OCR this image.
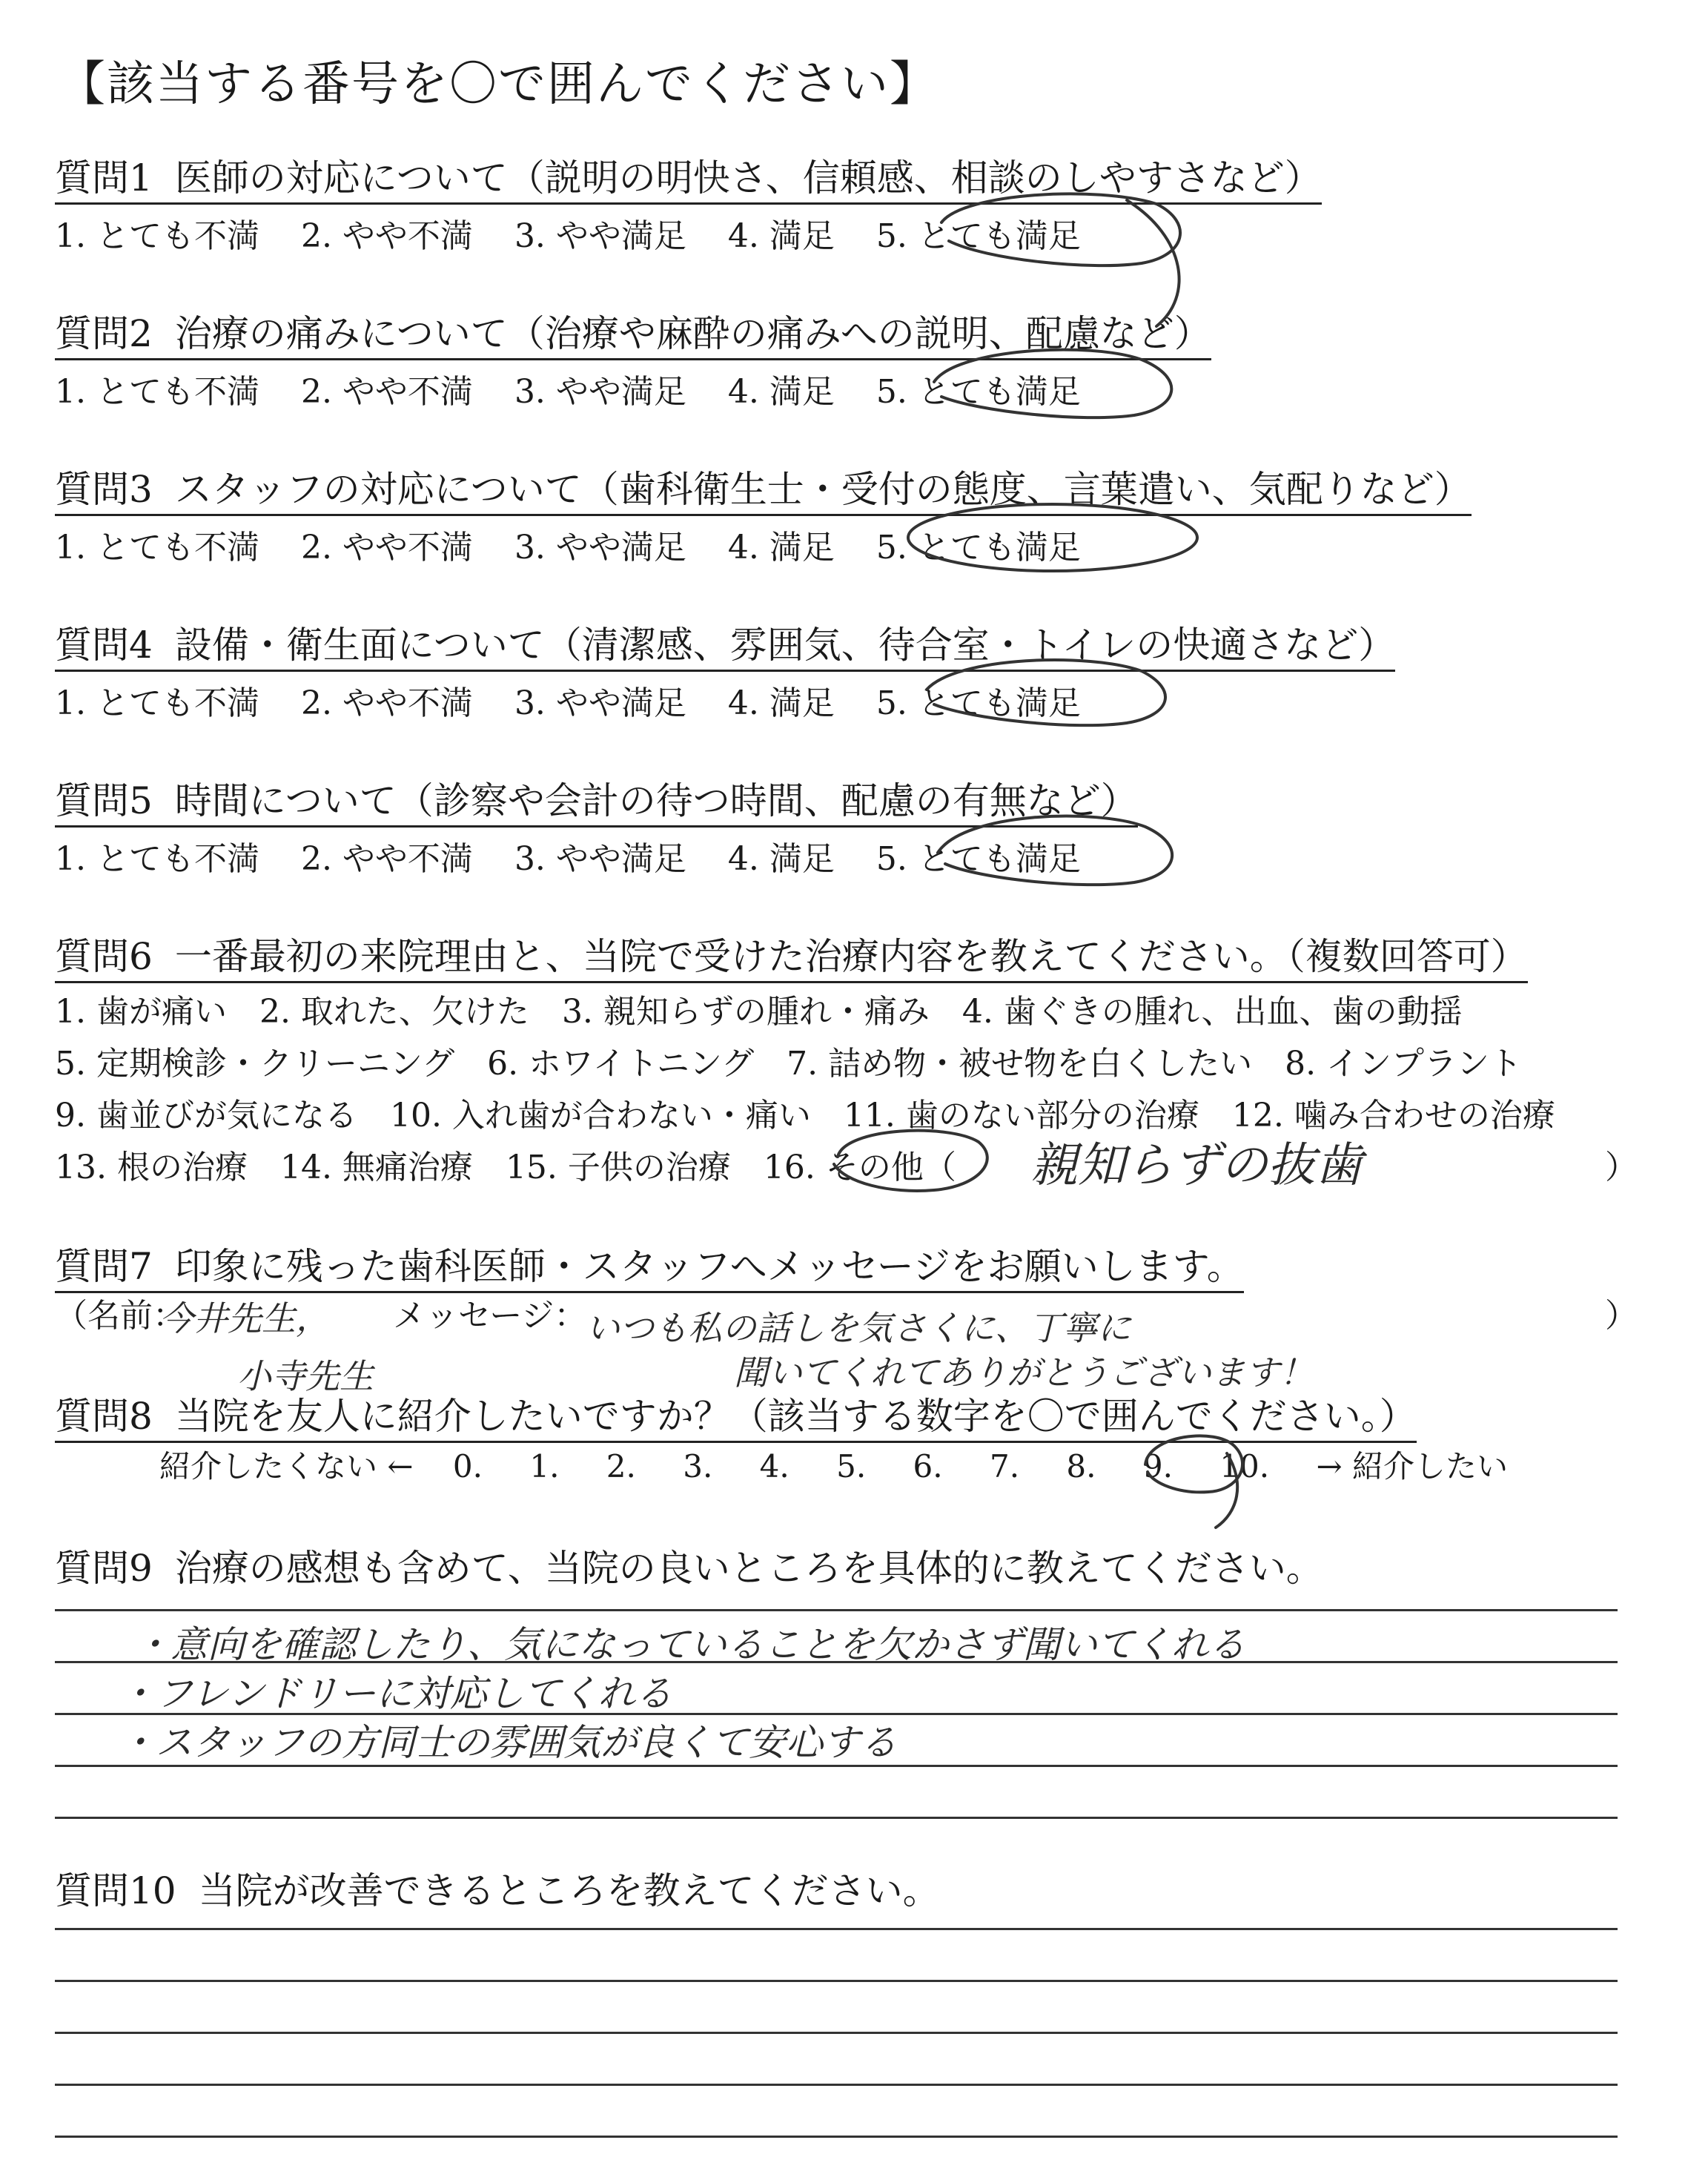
【該当する番号を〇で囲んでください】
質問1 医師の対応について（説明の明快さ、信頼感、相談のしやすさなど）
1. とても不満 2. やや不満 3. やや満足 4. 満足 5. とても満足
質問2 治療の痛みについて（治療や麻酔の痛みへの説明、配慮など）
1. とても不満 2. やや不満 3. やや満足 4. 満足 5. とても満足
質問3 スタッフの対応について（歯科衛生士・受付の態度、言葉遣い、気配りなど）
1. とても不満 2. やや不満 3. やや満足 4. 満足 5. とても満足
質問4 設備・衛生面について（清潔感、雰囲気、待合室・トイレの快適さなど）
1. とても不満 2. やや不満 3. やや満足 4. 満足 5. とても満足
質問5 時間について（診察や会計の待つ時間、配慮の有無など）
1. とても不満 2. やや不満 3. やや満足 4. 満足 5. とても満足
質問6 一番最初の来院理由と、当院で受けた治療内容を教えてください。（複数回答可）
1. 歯が痛い 2. 取れた、欠けた 3. 親知らずの腫れ・痛み 4. 歯ぐきの腫れ、出血、歯の動揺
5. 定期検診・クリーニング 6. ホワイトニング 7. 詰め物・被せ物を白くしたい 8. インプラント
9. 歯並びが気になる 10. 入れ歯が合わない・痛い 11. 歯のない部分の治療 12. 噛み合わせの治療
13. 根の治療 14. 無痛治療 15. 子供の治療 16. その他（	親知らずの抜歯	）
質問7 印象に残った歯科医師・スタッフへメッセージをお願いします。
（名前：
今井先生，
小寺先生
メッセージ：
いつも私の話しを気さくに、丁寧に
聞いてくれてありがとうございます！
）
質問8 当院を友人に紹介したいですか？（該当する数字を〇で囲んでください。）
紹介したくない ← 0. 1. 2. 3. 4. 5. 6. 7. 8. 9. 10. → 紹介したい
質問9 治療の感想も含めて、当院の良いところを具体的に教えてください。
・意向を確認したり、気になっていることを欠かさず聞いてくれる
・フレンドリーに対応してくれる
・スタッフの方同士の雰囲気が良くて安心する
質問10 当院が改善できるところを教えてください。
